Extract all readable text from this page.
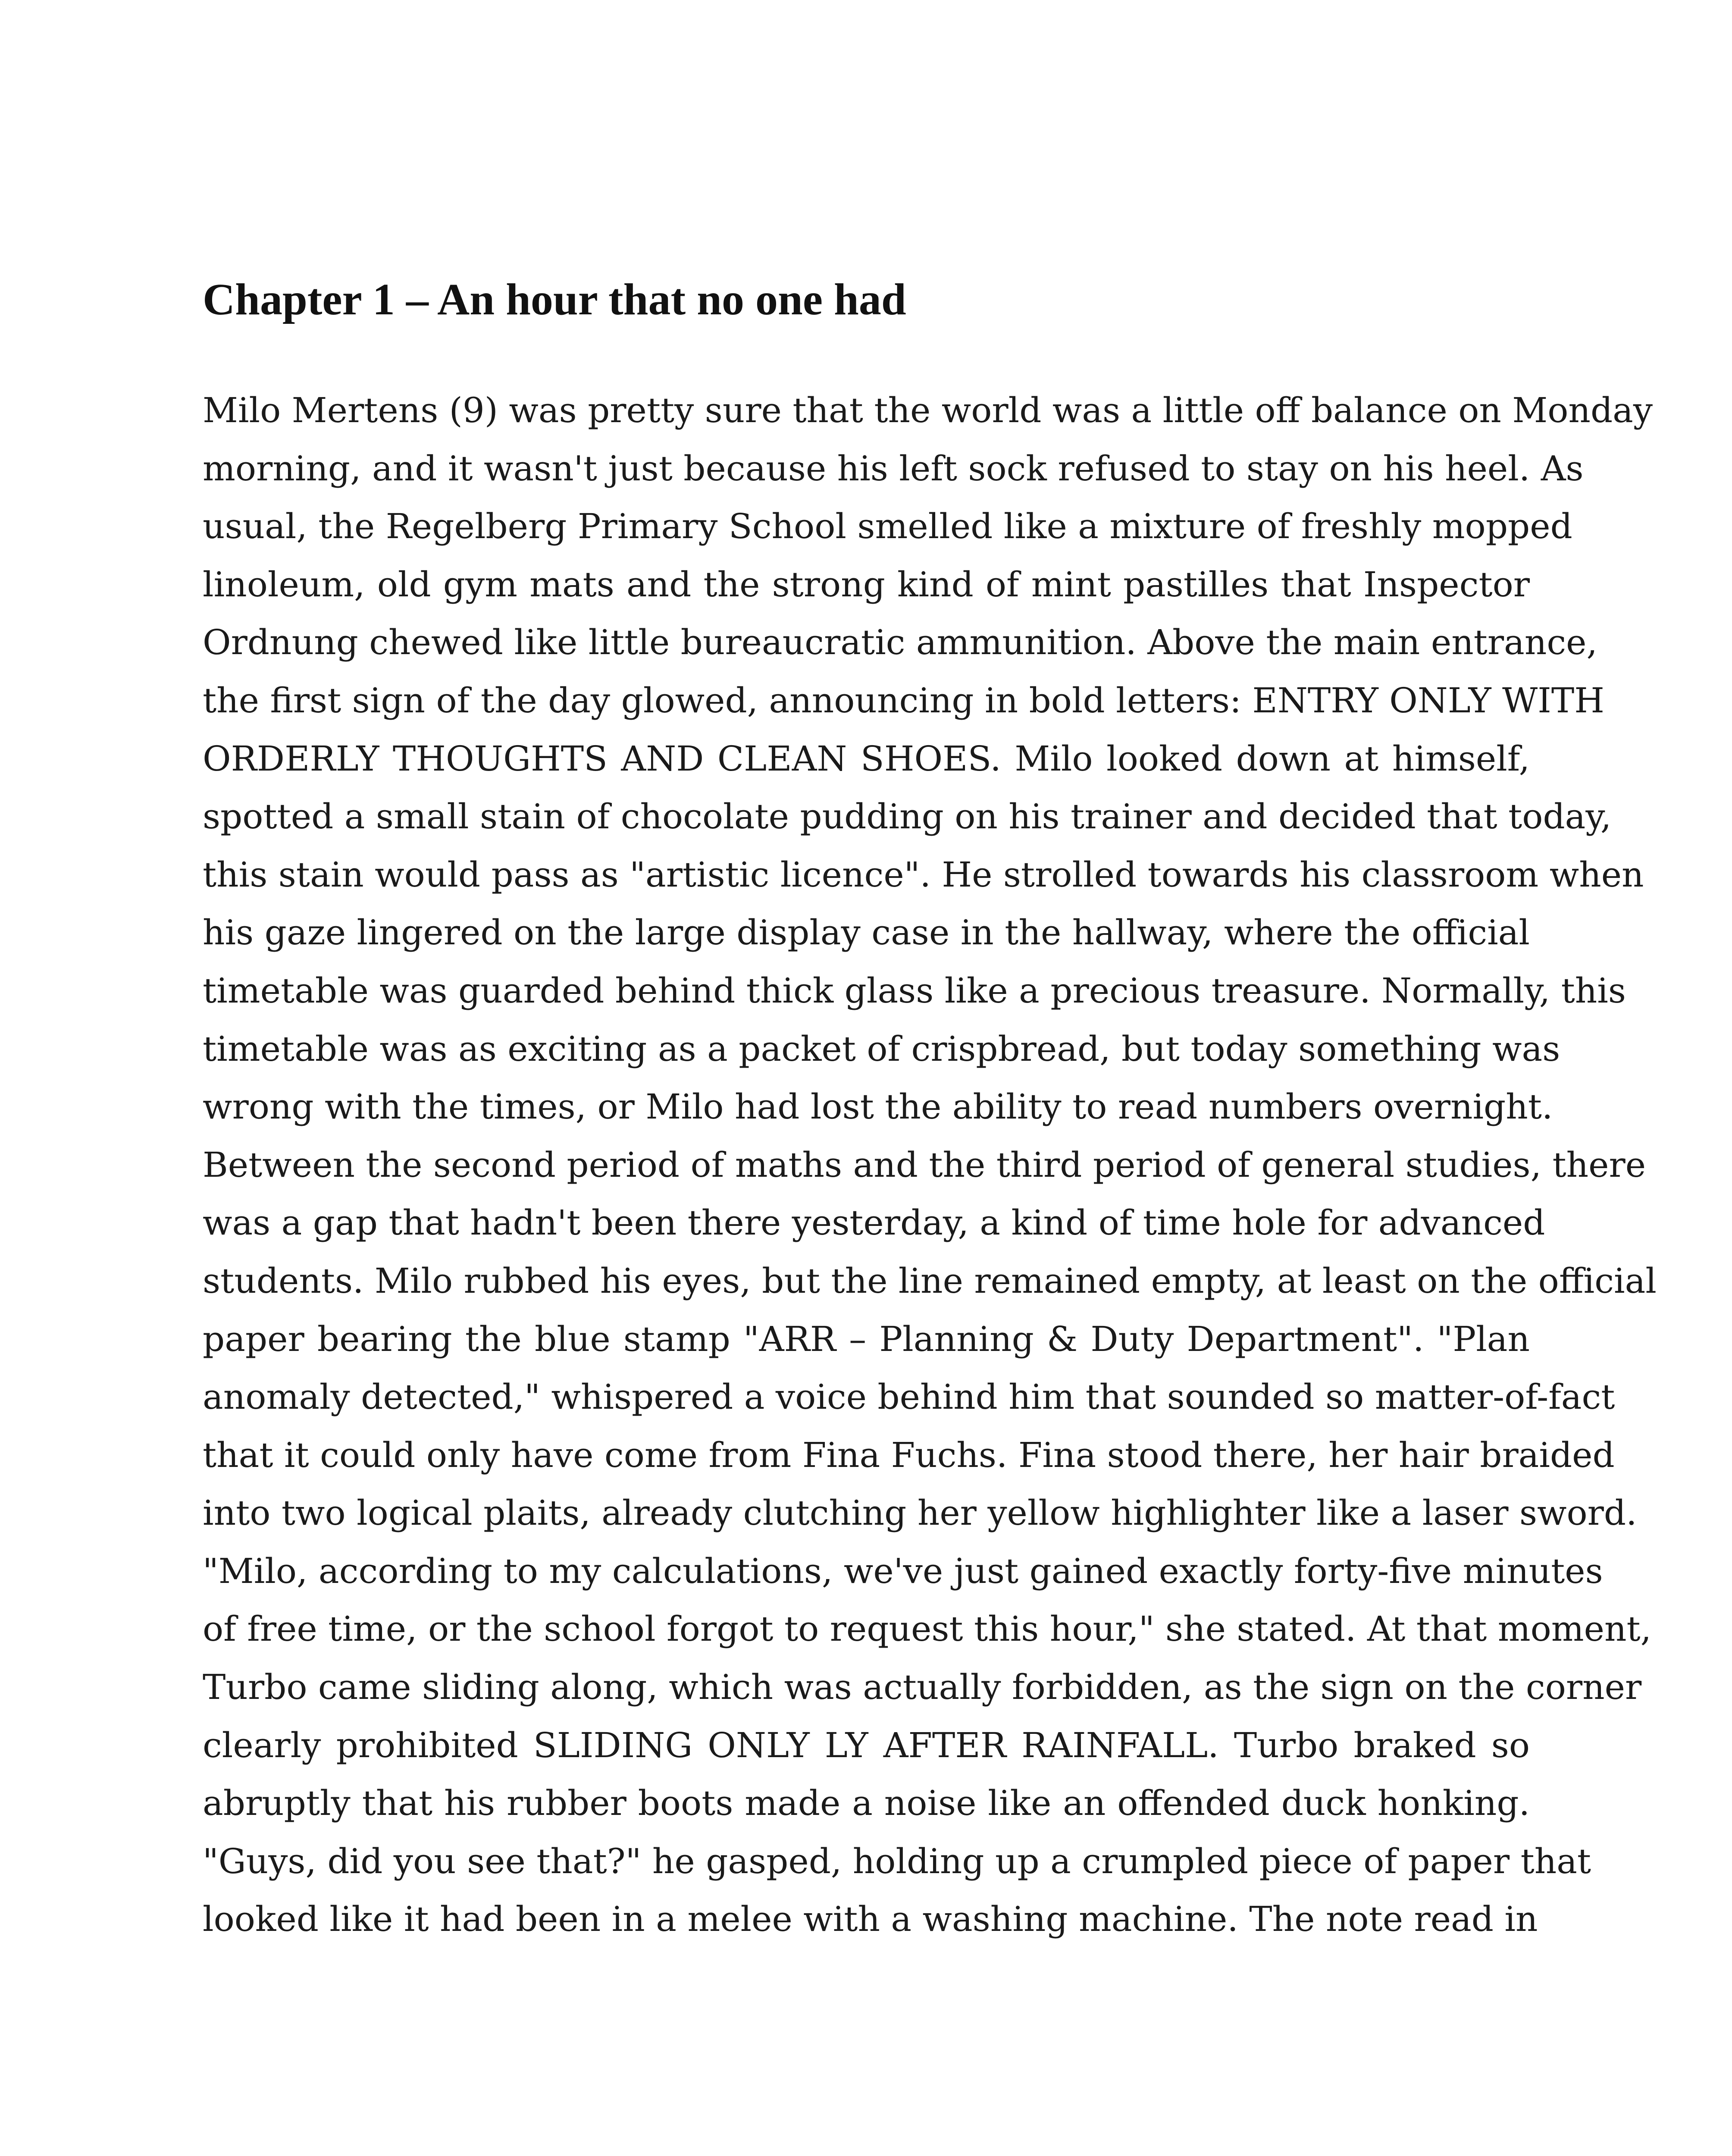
Chapter 1 – An hour that no one had
Milo Mertens (9) was pretty sure that the world was a little off balance on Monday
morning, and it wasn't just because his left sock refused to stay on his heel. As
usual, the Regelberg Primary School smelled like a mixture of freshly mopped
linoleum, old gym mats and the strong kind of mint pastilles that Inspector
Ordnung chewed like little bureaucratic ammunition. Above the main entrance,
the first sign of the day glowed, announcing in bold letters: ENTRY ONLY WITH
ORDERLY THOUGHTS AND CLEAN SHOES. Milo looked down at himself,
spotted a small stain of chocolate pudding on his trainer and decided that today,
this stain would pass as "artistic licence". He strolled towards his classroom when
his gaze lingered on the large display case in the hallway, where the official
timetable was guarded behind thick glass like a precious treasure. Normally, this
timetable was as exciting as a packet of crispbread, but today something was
wrong with the times, or Milo had lost the ability to read numbers overnight.
Between the second period of maths and the third period of general studies, there
was a gap that hadn't been there yesterday, a kind of time hole for advanced
students. Milo rubbed his eyes, but the line remained empty, at least on the official
paper bearing the blue stamp "ARR – Planning & Duty Department". "Plan
anomaly detected," whispered a voice behind him that sounded so matter-of-fact
that it could only have come from Fina Fuchs. Fina stood there, her hair braided
into two logical plaits, already clutching her yellow highlighter like a laser sword.
"Milo, according to my calculations, we've just gained exactly forty-five minutes
of free time, or the school forgot to request this hour," she stated. At that moment,
Turbo came sliding along, which was actually forbidden, as the sign on the corner
clearly prohibited SLIDING ONLY LY AFTER RAINFALL. Turbo braked so
abruptly that his rubber boots made a noise like an offended duck honking.
"Guys, did you see that?" he gasped, holding up a crumpled piece of paper that
looked like it had been in a melee with a washing machine. The note read in
